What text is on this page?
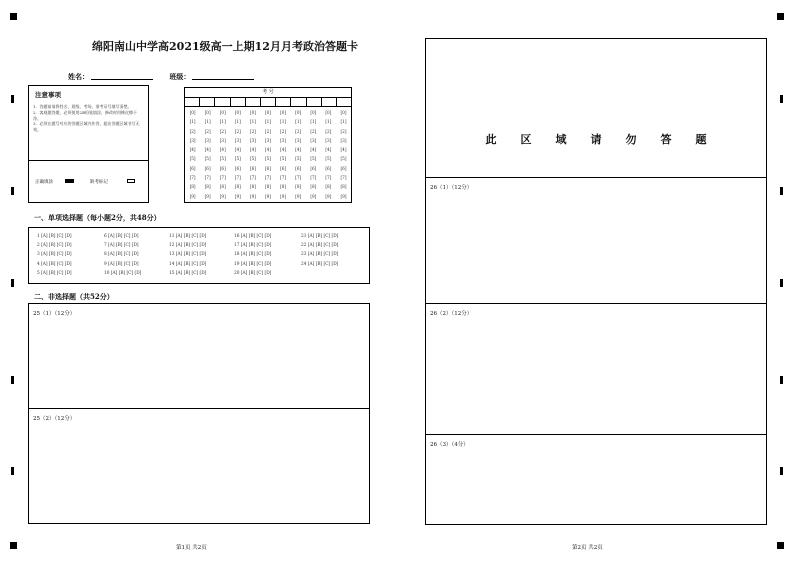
绵阳南山中学高2021级高一上期12月月考政治答题卡
姓名：	班级：
注意事项

1．答题前请将姓名、班级、考场、准考证号填写清楚。

2．客观题答题，必须使用2B铅笔填涂，修改时用橡皮擦干净。

3．必须在题号对应的答题区域内作答，超出答题区域书写无效。

正确填涂	缺考标记
考 号
[0]
[1]
[2]
[3]
[4]
[5]
[6]
[7]
[8]
[9]
[0]
[1]
[2]
[3]
[4]
[5]
[6]
[7]
[8]
[9]
[0]
[1]
[2]
[3]
[4]
[5]
[6]
[7]
[8]
[9]
[0]
[1]
[2]
[3]
[4]
[5]
[6]
[7]
[8]
[9]
[0]
[1]
[2]
[3]
[4]
[5]
[6]
[7]
[8]
[9]
[0]
[1]
[2]
[3]
[4]
[5]
[6]
[7]
[8]
[9]
[0]
[1]
[2]
[3]
[4]
[5]
[6]
[7]
[8]
[9]
[0]
[1]
[2]
[3]
[4]
[5]
[6]
[7]
[8]
[9]
[0]
[1]
[2]
[3]
[4]
[5]
[6]
[7]
[8]
[9]
[0]
[1]
[2]
[3]
[4]
[5]
[6]
[7]
[8]
[9]
[0]
[1]
[2]
[3]
[4]
[5]
[6]
[7]
[8]
[9]
一、单项选择题（每小题2分，共48分）
1 [A] [B] [C] [D]
2 [A] [B] [C] [D]
3 [A] [B] [C] [D]
4 [A] [B] [C] [D]
5 [A] [B] [C] [D]
6 [A] [B] [C] [D]
7 [A] [B] [C] [D]
8 [A] [B] [C] [D]
9 [A] [B] [C] [D]
10 [A] [B] [C] [D]
11 [A] [B] [C] [D]
12 [A] [B] [C] [D]
13 [A] [B] [C] [D]
14 [A] [B] [C] [D]
15 [A] [B] [C] [D]
16 [A] [B] [C] [D]
17 [A] [B] [C] [D]
18 [A] [B] [C] [D]
19 [A] [B] [C] [D]
20 [A] [B] [C] [D]
21 [A] [B] [C] [D]
22 [A] [B] [C] [D]
23 [A] [B] [C] [D]
24 [A] [B] [C] [D]
二、非选择题（共52分）
25（1）（12分）
25（2）（12分）
第1页 共2页
此区域请勿答题
26（1）（12分）
26（2）（12分）
26（3）（4分）
第2页 共2页
